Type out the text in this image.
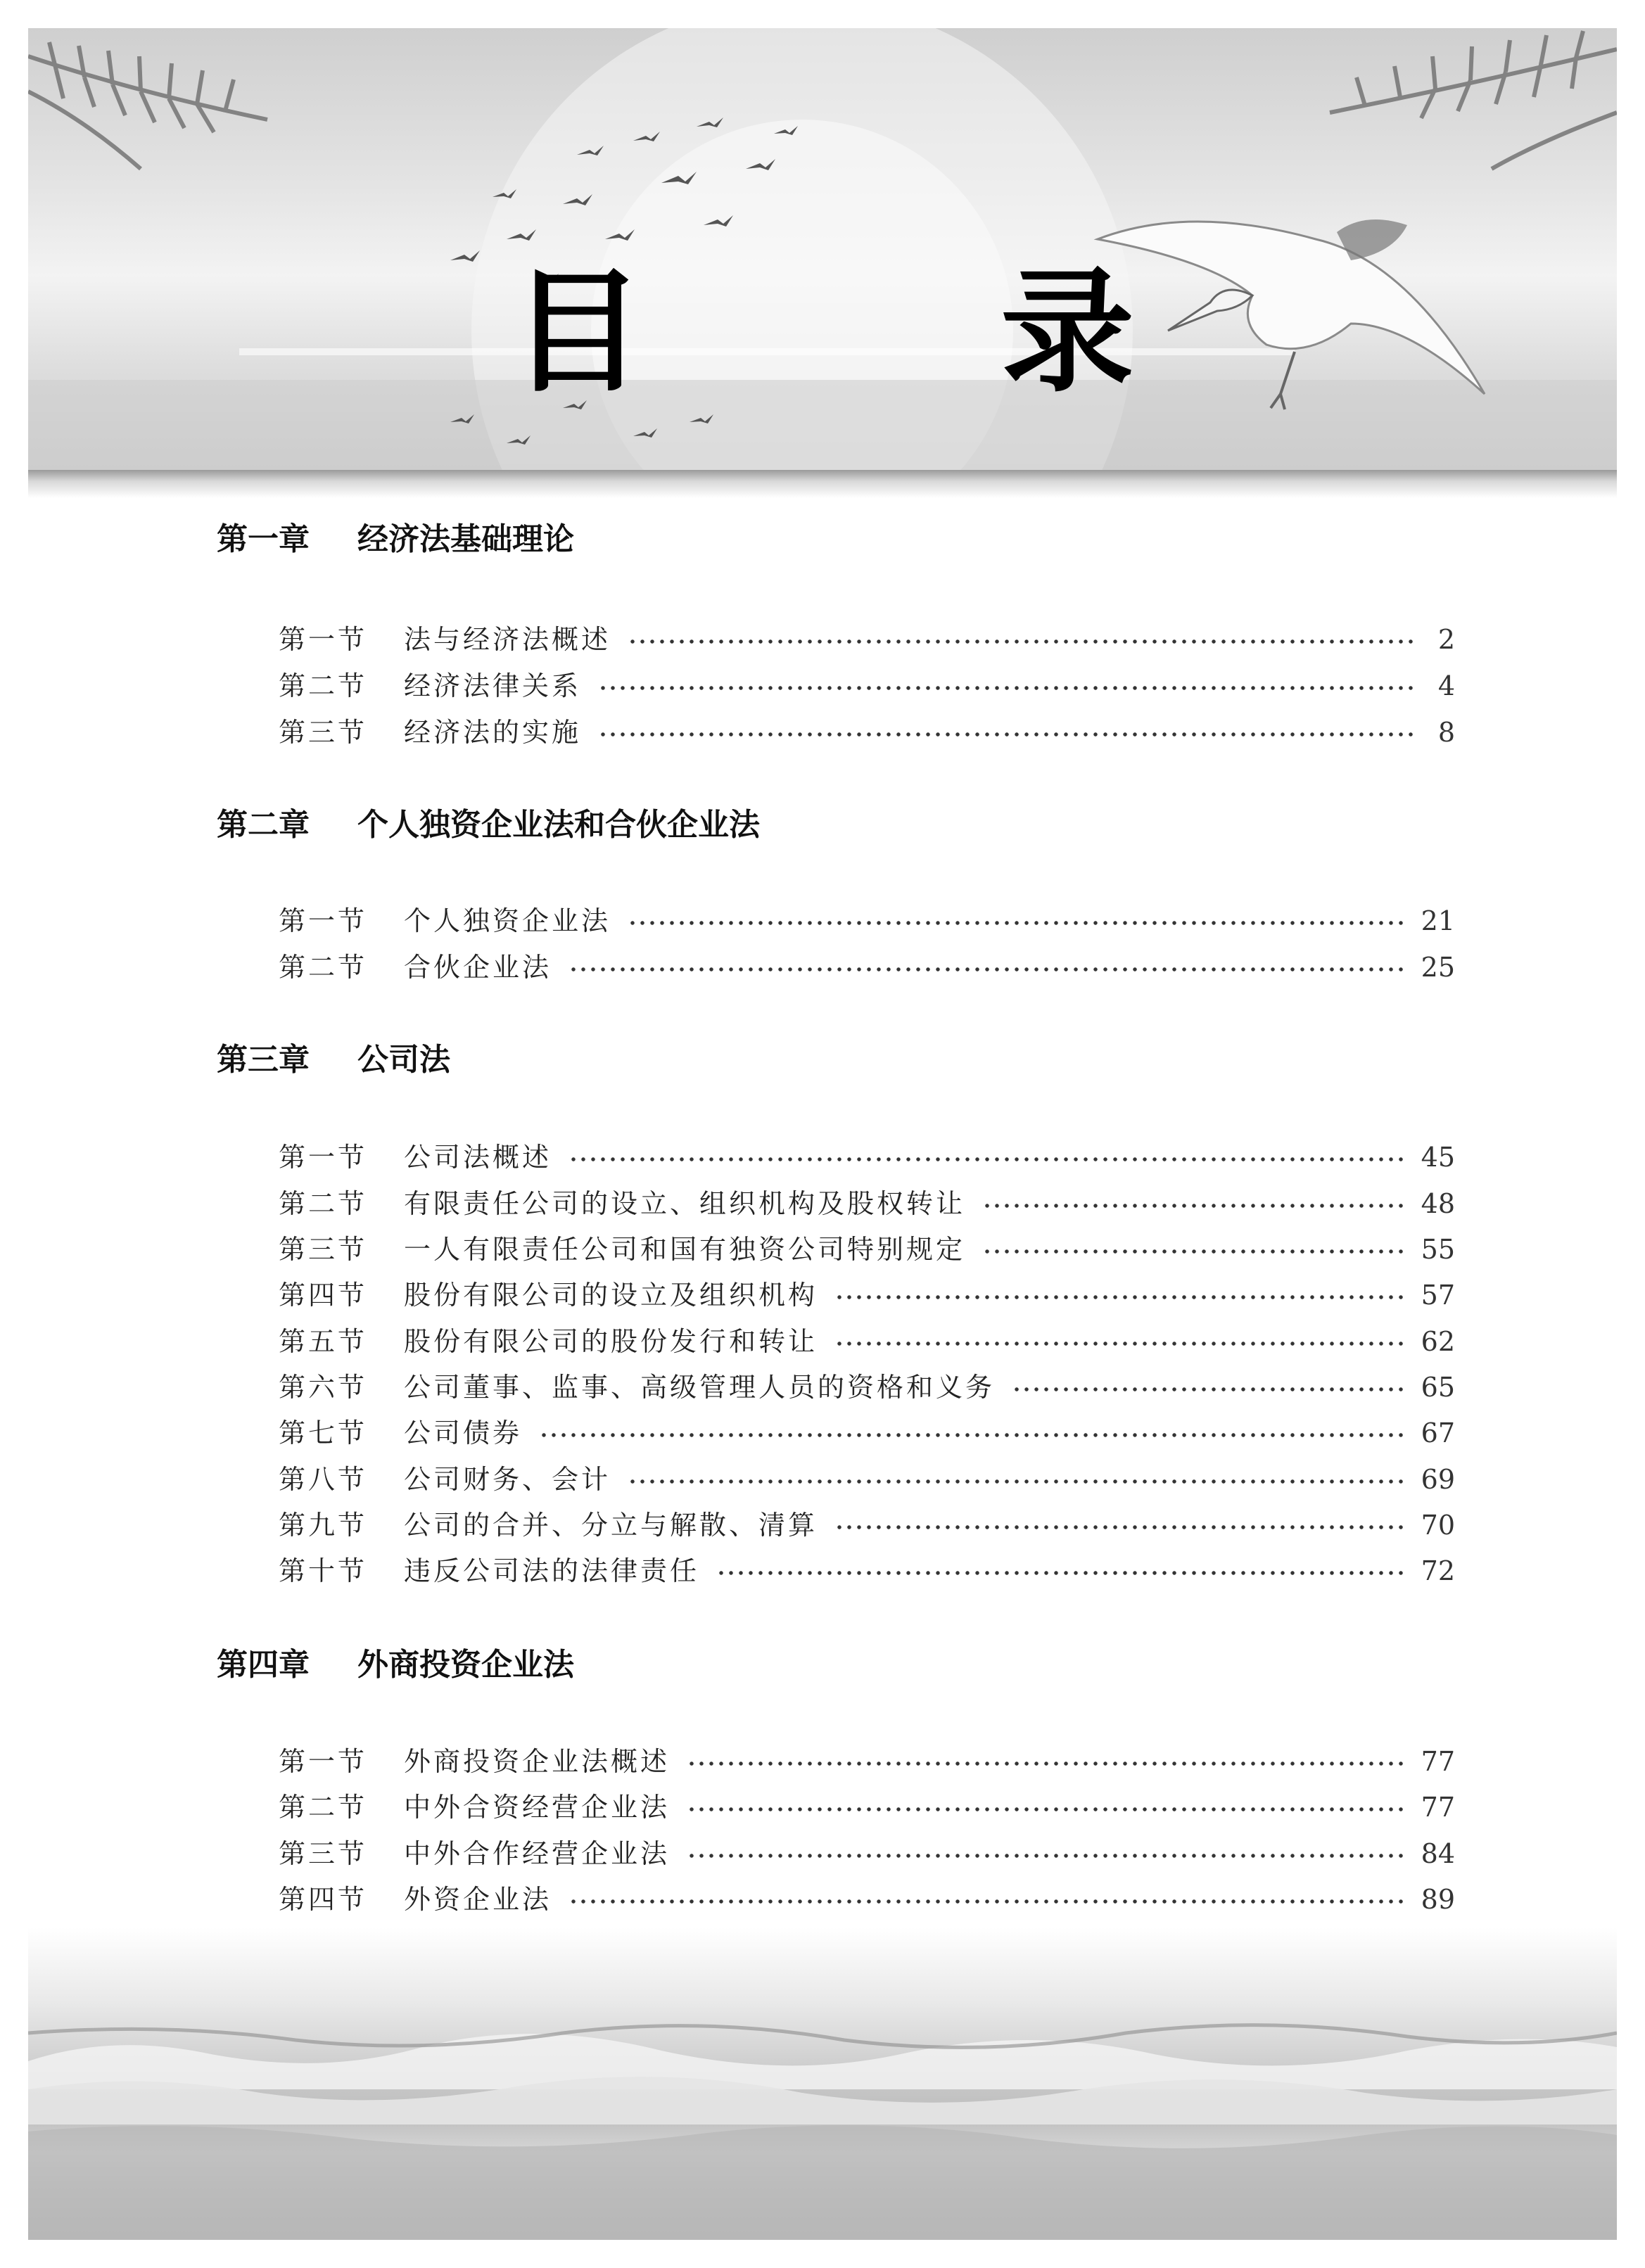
目 录
第一章 经济法基础理论
第一节	法与经济法概述	2
第二节	经济法律关系	4
第三节	经济法的实施	8
第二章 个人独资企业法和合伙企业法
第一节	个人独资企业法	21
第二节	合伙企业法	25
第三章 公司法
第一节	公司法概述	45
第二节	有限责任公司的设立、组织机构及股权转让	48
第三节	一人有限责任公司和国有独资公司特别规定	55
第四节	股份有限公司的设立及组织机构	57
第五节	股份有限公司的股份发行和转让	62
第六节	公司董事、监事、高级管理人员的资格和义务	65
第七节	公司债券	67
第八节	公司财务、会计	69
第九节	公司的合并、分立与解散、清算	70
第十节	违反公司法的法律责任	72
第四章 外商投资企业法
第一节	外商投资企业法概述	77
第二节	中外合资经营企业法	77
第三节	中外合作经营企业法	84
第四节	外资企业法	89
